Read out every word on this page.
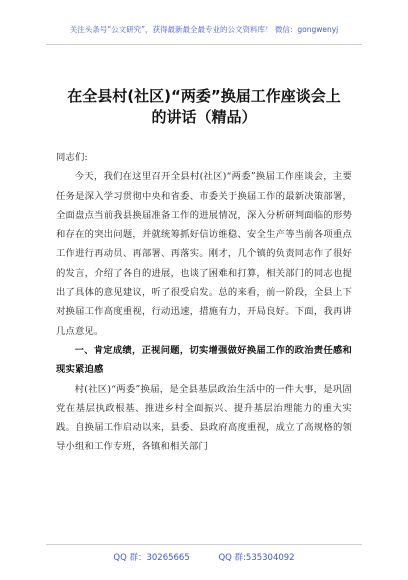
关注头条号“公文研究”，获得最新最全最专业的公文资料库！ 微信：gongwenyj
在全县村(社区)“两委”换届工作座谈会上
的讲话（精品）

同志们:

今天，我们在这里召开全县村(社区)“两委”换届工作座谈会，主要任务是深入学习贯彻中央和省委、市委关于换届工作的最新决策部署，全面盘点当前我县换届准备工作的进展情况，深入分析研判面临的形势和存在的突出问题，并就统筹抓好信访维稳、安全生产等当前各项重点工作进行再动员、再部署、再落实。刚才，几个镇的负责同志作了很好的发言，介绍了各自的进展，也谈了困难和打算，相关部门的同志也提出了具体的意见建议，听了很受启发。总的来看，前一阶段，全县上下对换届工作高度重视，行动迅速，措施有力，开局良好。下面，我再讲几点意见。

一、肯定成绩，正视问题，切实增强做好换届工作的政治责任感和现实紧迫感

村(社区)“两委”换届，是全县基层政治生活中的一件大事，是巩固党在基层执政根基、推进乡村全面振兴、提升基层治理能力的重大实践。自换届工作启动以来，县委、县政府高度重视，成立了高规格的领导小组和工作专班，各镇和相关部门

QQ 群：30265665	QQ 群:535304092
